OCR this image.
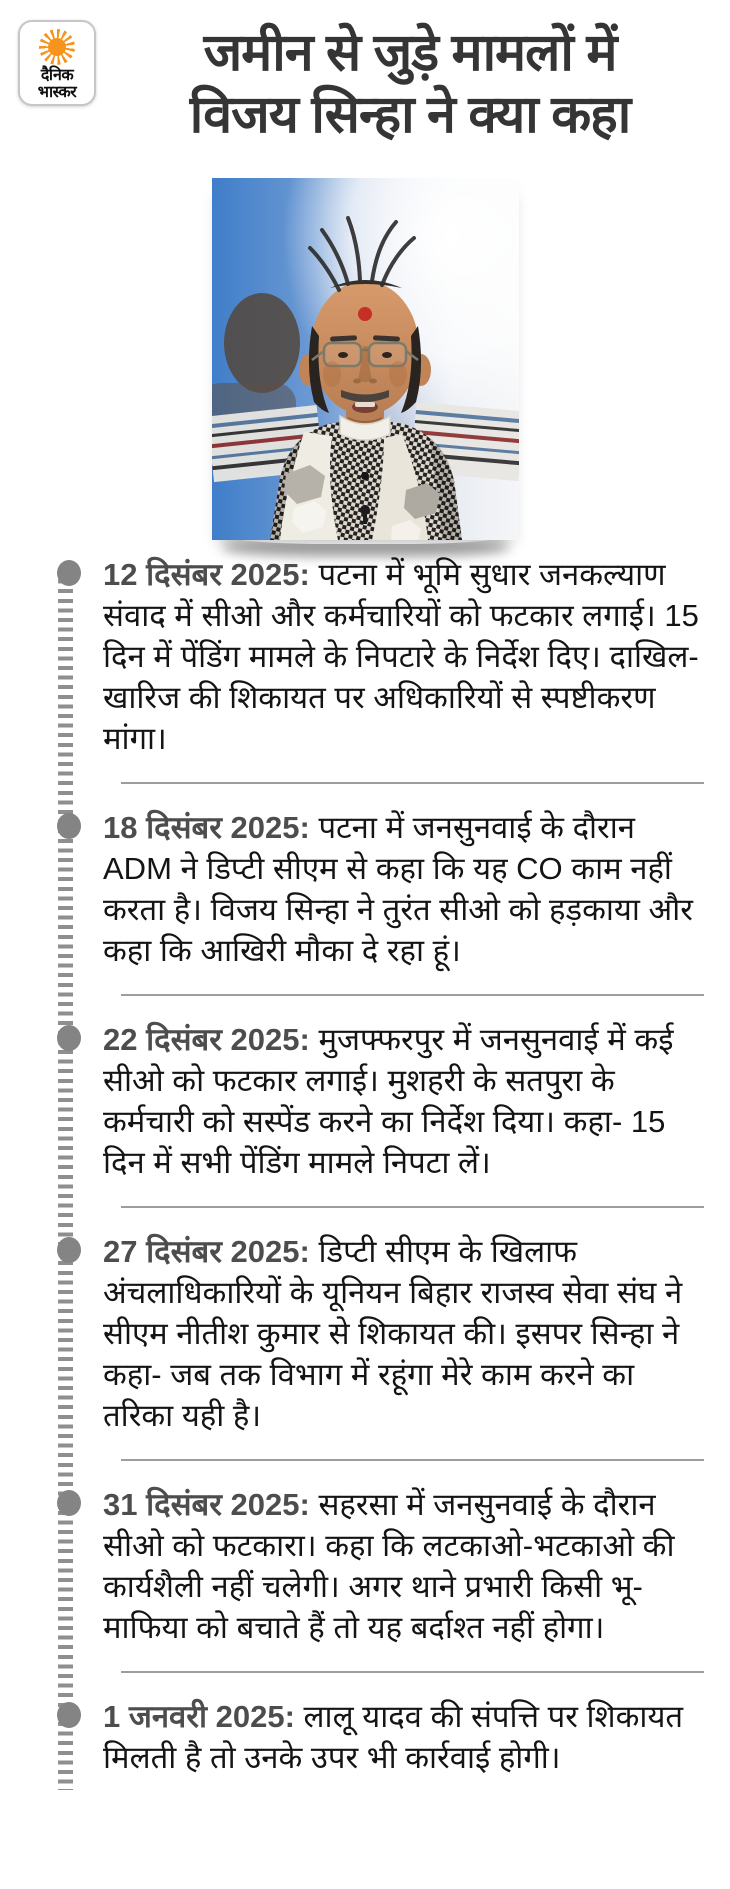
दैनिक
भास्कर
जमीन से जुड़े मामलों में
विजय सिन्हा ने क्या कहा

12 दिसंबर 2025: पटना में भूमि सुधार जनकल्याण संवाद में सीओ और कर्मचारियों को फटकार लगाई। 15 दिन में पेंडिंग मामले के निपटारे के निर्देश दिए। दाखिल-खारिज की शिकायत पर अधिकारियों से स्पष्टीकरण मांगा।

18 दिसंबर 2025: पटना में जनसुनवाई के दौरान ADM ने डिप्टी सीएम से कहा कि यह CO काम नहीं करता है। विजय सिन्हा ने तुरंत सीओ को हड़काया और कहा कि आखिरी मौका दे रहा हूं।

22 दिसंबर 2025: मुजफ्फरपुर में जनसुनवाई में कई सीओ को फटकार लगाई। मुशहरी के सतपुरा के कर्मचारी को सस्पेंड करने का निर्देश दिया। कहा- 15 दिन में सभी पेंडिंग मामले निपटा लें।

27 दिसंबर 2025: डिप्टी सीएम के खिलाफ अंचलाधिकारियों के यूनियन बिहार राजस्व सेवा संघ ने सीएम नीतीश कुमार से शिकायत की। इसपर सिन्हा ने कहा- जब तक विभाग में रहूंगा मेरे काम करने का तरिका यही है।

31 दिसंबर 2025: सहरसा में जनसुनवाई के दौरान सीओ को फटकारा। कहा कि लटकाओ-भटकाओ की कार्यशैली नहीं चलेगी। अगर थाने प्रभारी किसी भू-माफिया को बचाते हैं तो यह बर्दाश्त नहीं होगा।

1 जनवरी 2025: लालू यादव की संपत्ति पर शिकायत मिलती है तो उनके उपर भी कार्रवाई होगी।
